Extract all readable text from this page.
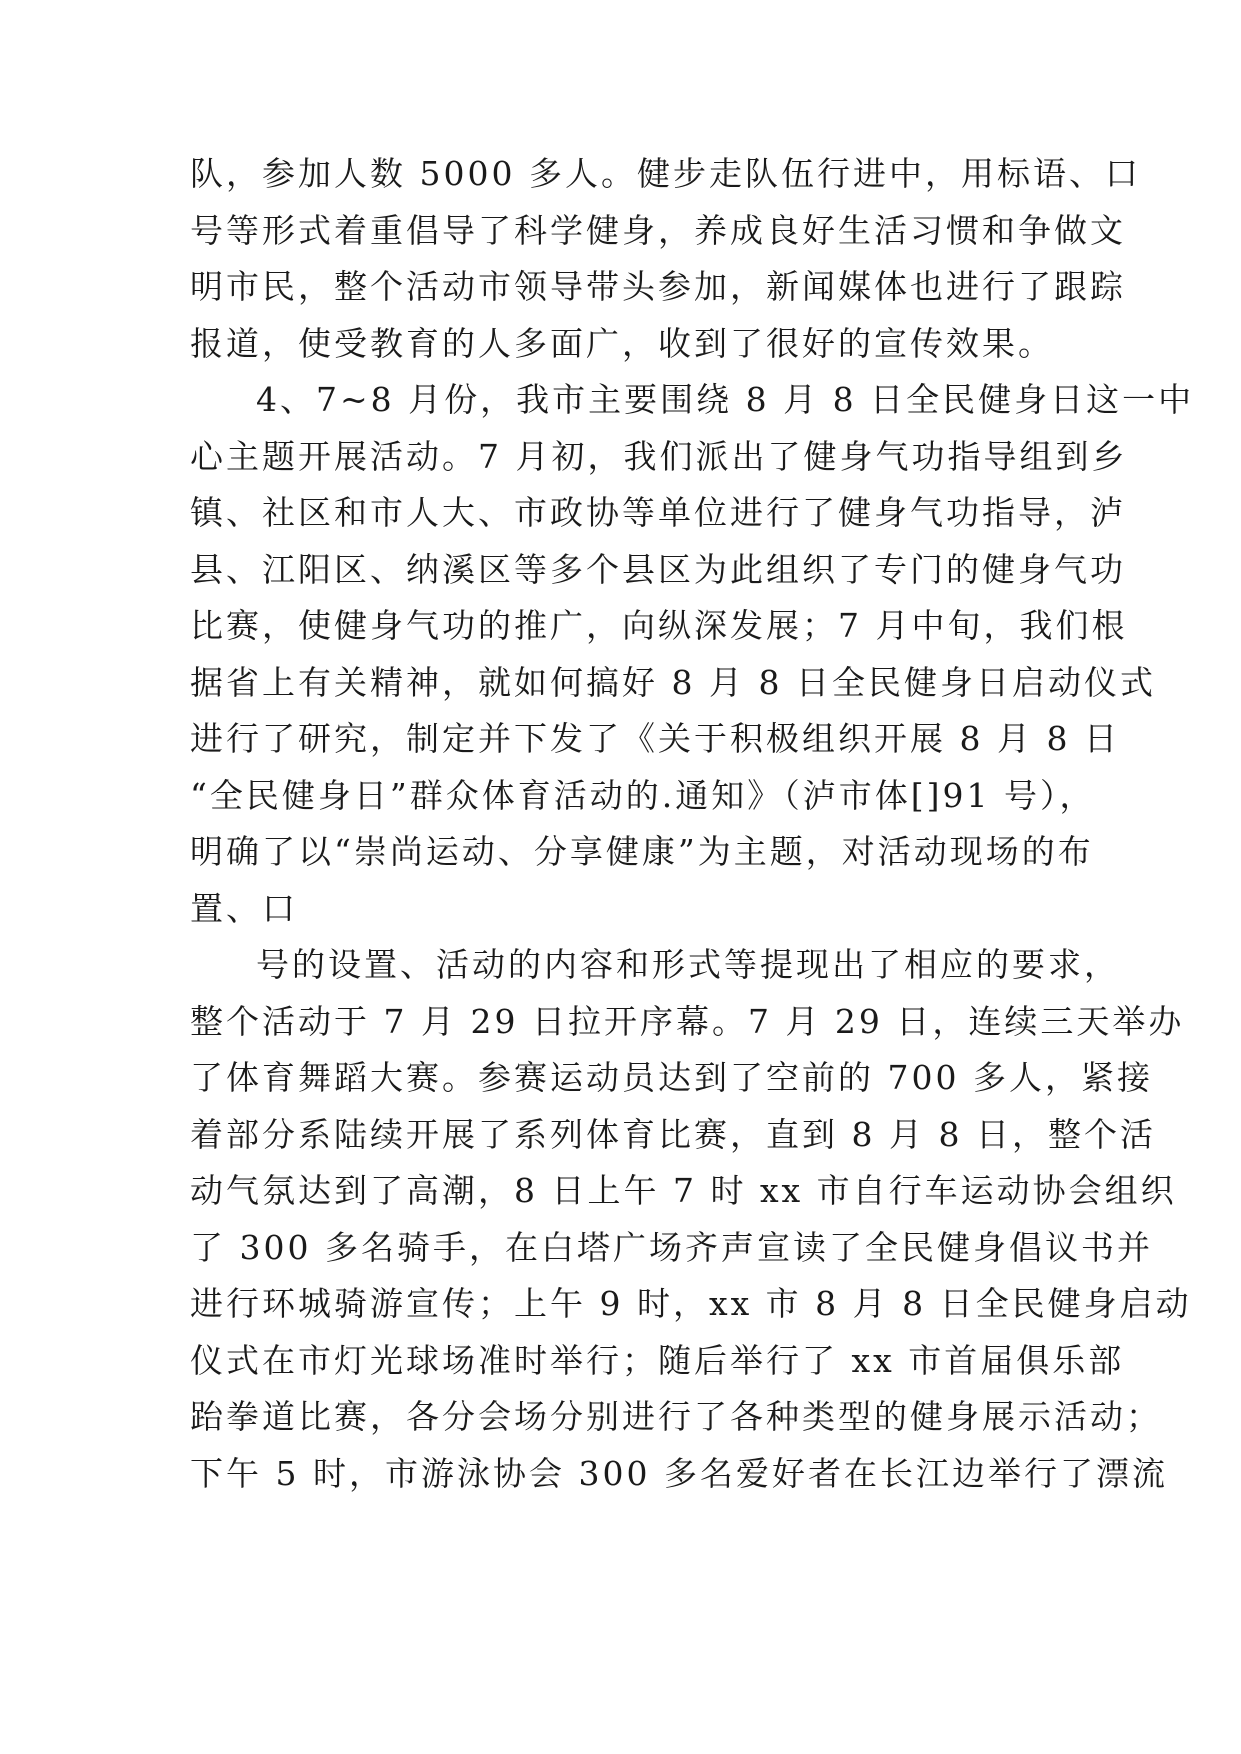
队，参加人数 5000 多人。健步走队伍行进中，用标语、口
号等形式着重倡导了科学健身，养成良好生活习惯和争做文
明市民，整个活动市领导带头参加，新闻媒体也进行了跟踪
报道，使受教育的人多面广，收到了很好的宣传效果。
4、7~8 月份，我市主要围绕 8 月 8 日全民健身日这一中
心主题开展活动。7 月初，我们派出了健身气功指导组到乡
镇、社区和市人大、市政协等单位进行了健身气功指导，泸
县、江阳区、纳溪区等多个县区为此组织了专门的健身气功
比赛，使健身气功的推广，向纵深发展；7 月中旬，我们根
据省上有关精神，就如何搞好 8 月 8 日全民健身日启动仪式
进行了研究，制定并下发了《关于积极组织开展 8 月 8 日
“全民健身日”群众体育活动的.通知》（泸市体[]91 号），
明确了以“崇尚运动、分享健康”为主题，对活动现场的布
置、口
号的设置、活动的内容和形式等提现出了相应的要求，
整个活动于 7 月 29 日拉开序幕。7 月 29 日，连续三天举办
了体育舞蹈大赛。参赛运动员达到了空前的 700 多人，紧接
着部分系陆续开展了系列体育比赛，直到 8 月 8 日，整个活
动气氛达到了高潮，8 日上午 7 时 xx 市自行车运动协会组织
了 300 多名骑手，在白塔广场齐声宣读了全民健身倡议书并
进行环城骑游宣传；上午 9 时，xx 市 8 月 8 日全民健身启动
仪式在市灯光球场准时举行；随后举行了 xx 市首届俱乐部
跆拳道比赛，各分会场分别进行了各种类型的健身展示活动；
下午 5 时，市游泳协会 300 多名爱好者在长江边举行了漂流
